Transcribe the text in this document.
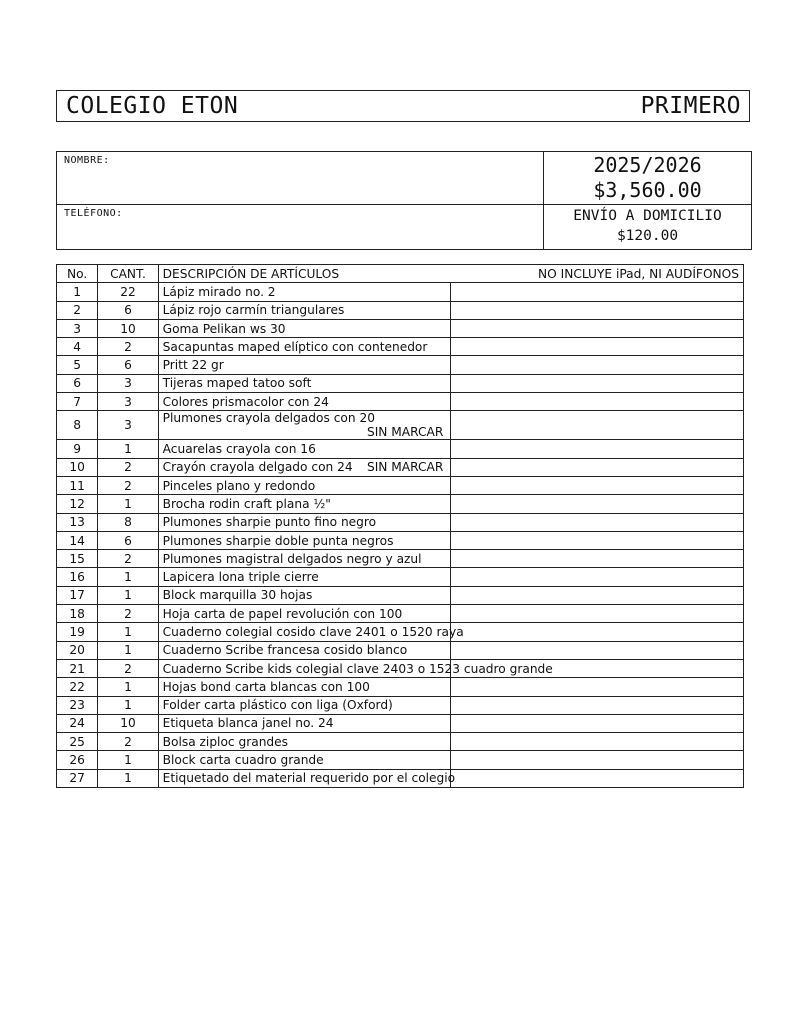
COLEGIO ETON	PRIMERO
NOMBRE:
TELÉFONO:
2025/2026
$3,560.00
ENVÍO A DOMICILIO
$120.00
No.	CANT.	DESCRIPCIÓN DE ARTÍCULOS NO INCLUYE iPad, NI AUDÍFONOS	

1	22	Lápiz mirado no. 2	

2	6	Lápiz rojo carmín triangulares	

3	10	Goma Pelikan ws 30	

4	2	Sacapuntas maped elíptico con contenedor	

5	6	Pritt 22 gr	

6	3	Tijeras maped tatoo soft	

7	3	Colores prismacolor con 24	

8	3	Plumones crayola delgados con 20
SIN MARCAR	

9	1	Acuarelas crayola con 16	

10	2	Crayón crayola delgado con 24 SIN MARCAR	

11	2	Pinceles plano y redondo	

12	1	Brocha rodin craft plana ½"	

13	8	Plumones sharpie punto fino negro	

14	6	Plumones sharpie doble punta negros	

15	2	Plumones magistral delgados negro y azul	

16	1	Lapicera lona triple cierre	

17	1	Block marquilla 30 hojas	

18	2	Hoja carta de papel revolución con 100	

19	1	Cuaderno colegial cosido clave 2401 o 1520 raya	

20	1	Cuaderno Scribe francesa cosido blanco	

21	2	Cuaderno Scribe kids colegial clave 2403 o 1523 cuadro grande	

22	1	Hojas bond carta blancas con 100	

23	1	Folder carta plástico con liga (Oxford)	

24	10	Etiqueta blanca janel no. 24	

25	2	Bolsa ziploc grandes	

26	1	Block carta cuadro grande	

27	1	Etiquetado del material requerido por el colegio	
